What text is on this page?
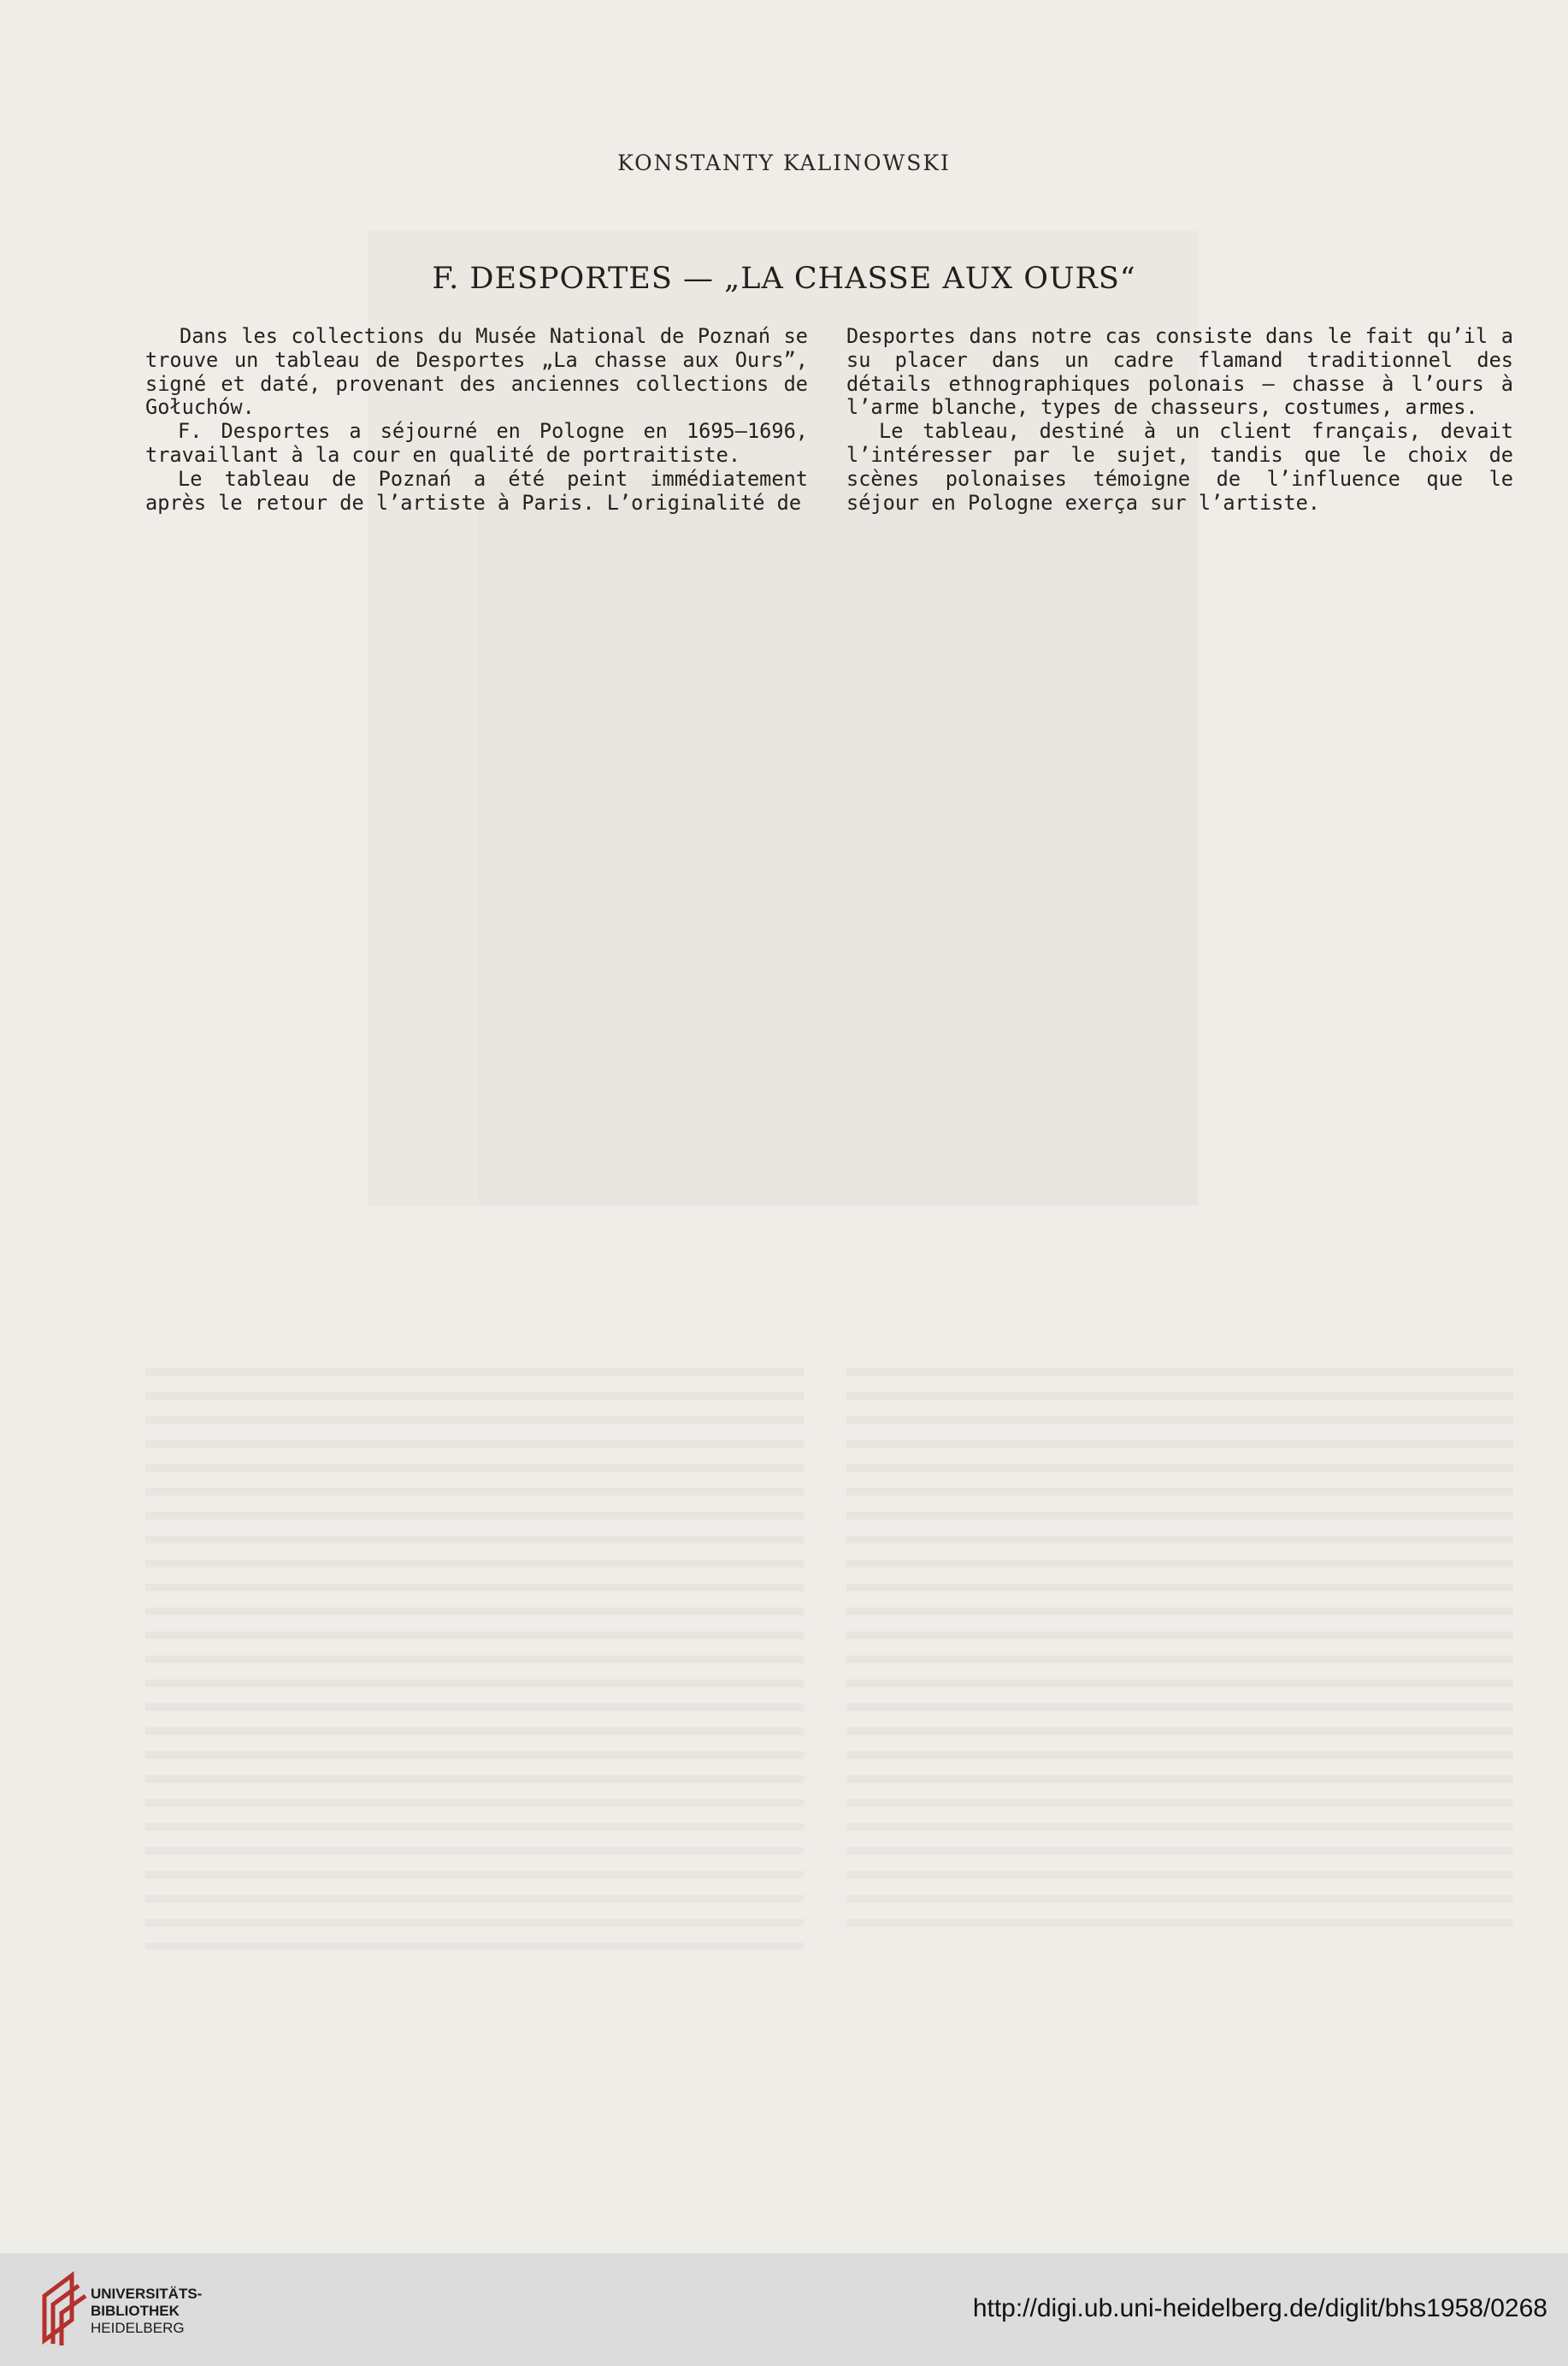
KONSTANTY KALINOWSKI
F. DESPORTES — „LA CHASSE AUX OURS“

Dans les collections du Musée National de Poznań se trouve un tableau de Desportes „La chasse aux Ours”, signé et daté, provenant des anciennes collections de Gołuchów.

F. Desportes a séjourné en Pologne en 1695—1696, travaillant à la cour en qualité de portraitiste.

Le tableau de Poznań a été peint immédiatement après le retour de l’artiste à Paris. L’originalité de

Desportes dans notre cas consiste dans le fait qu’il a su placer dans un cadre flamand traditionnel des détails ethnographiques polonais — chasse à l’ours à l’arme blanche, types de chasseurs, costumes, armes.

Le tableau, destiné à un client français, devait l’intéresser par le sujet, tandis que le choix de scènes polonaises témoigne de l’influence que le séjour en Pologne exerça sur l’artiste.

UNIVERSITÄTS-
BIBLIOTHEK
HEIDELBERG
http://digi.ub.uni-heidelberg.de/diglit/bhs1958/0268
